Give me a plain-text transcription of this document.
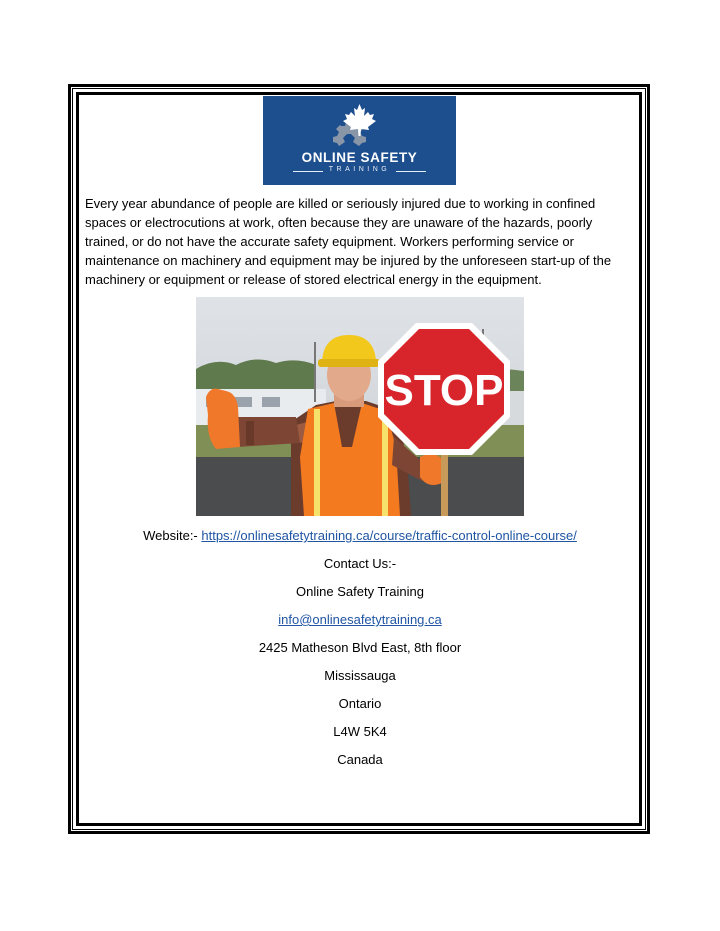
ONLINE SAFETY
TRAINING
Every year abundance of people are killed or seriously injured due to working in confined spaces or electrocutions at work, often because they are unaware of the hazards, poorly trained, or do not have the accurate safety equipment. Workers performing service or maintenance on machinery and equipment may be injured by the unforeseen start-up of the machinery or equipment or release of stored electrical energy in the equipment.
STOP
Website:- https://onlinesafetytraining.ca/course/traffic-control-online-course/
Contact Us:-
Online Safety Training
info@onlinesafetytraining.ca
2425 Matheson Blvd East, 8th floor
Mississauga
Ontario
L4W 5K4
Canada
